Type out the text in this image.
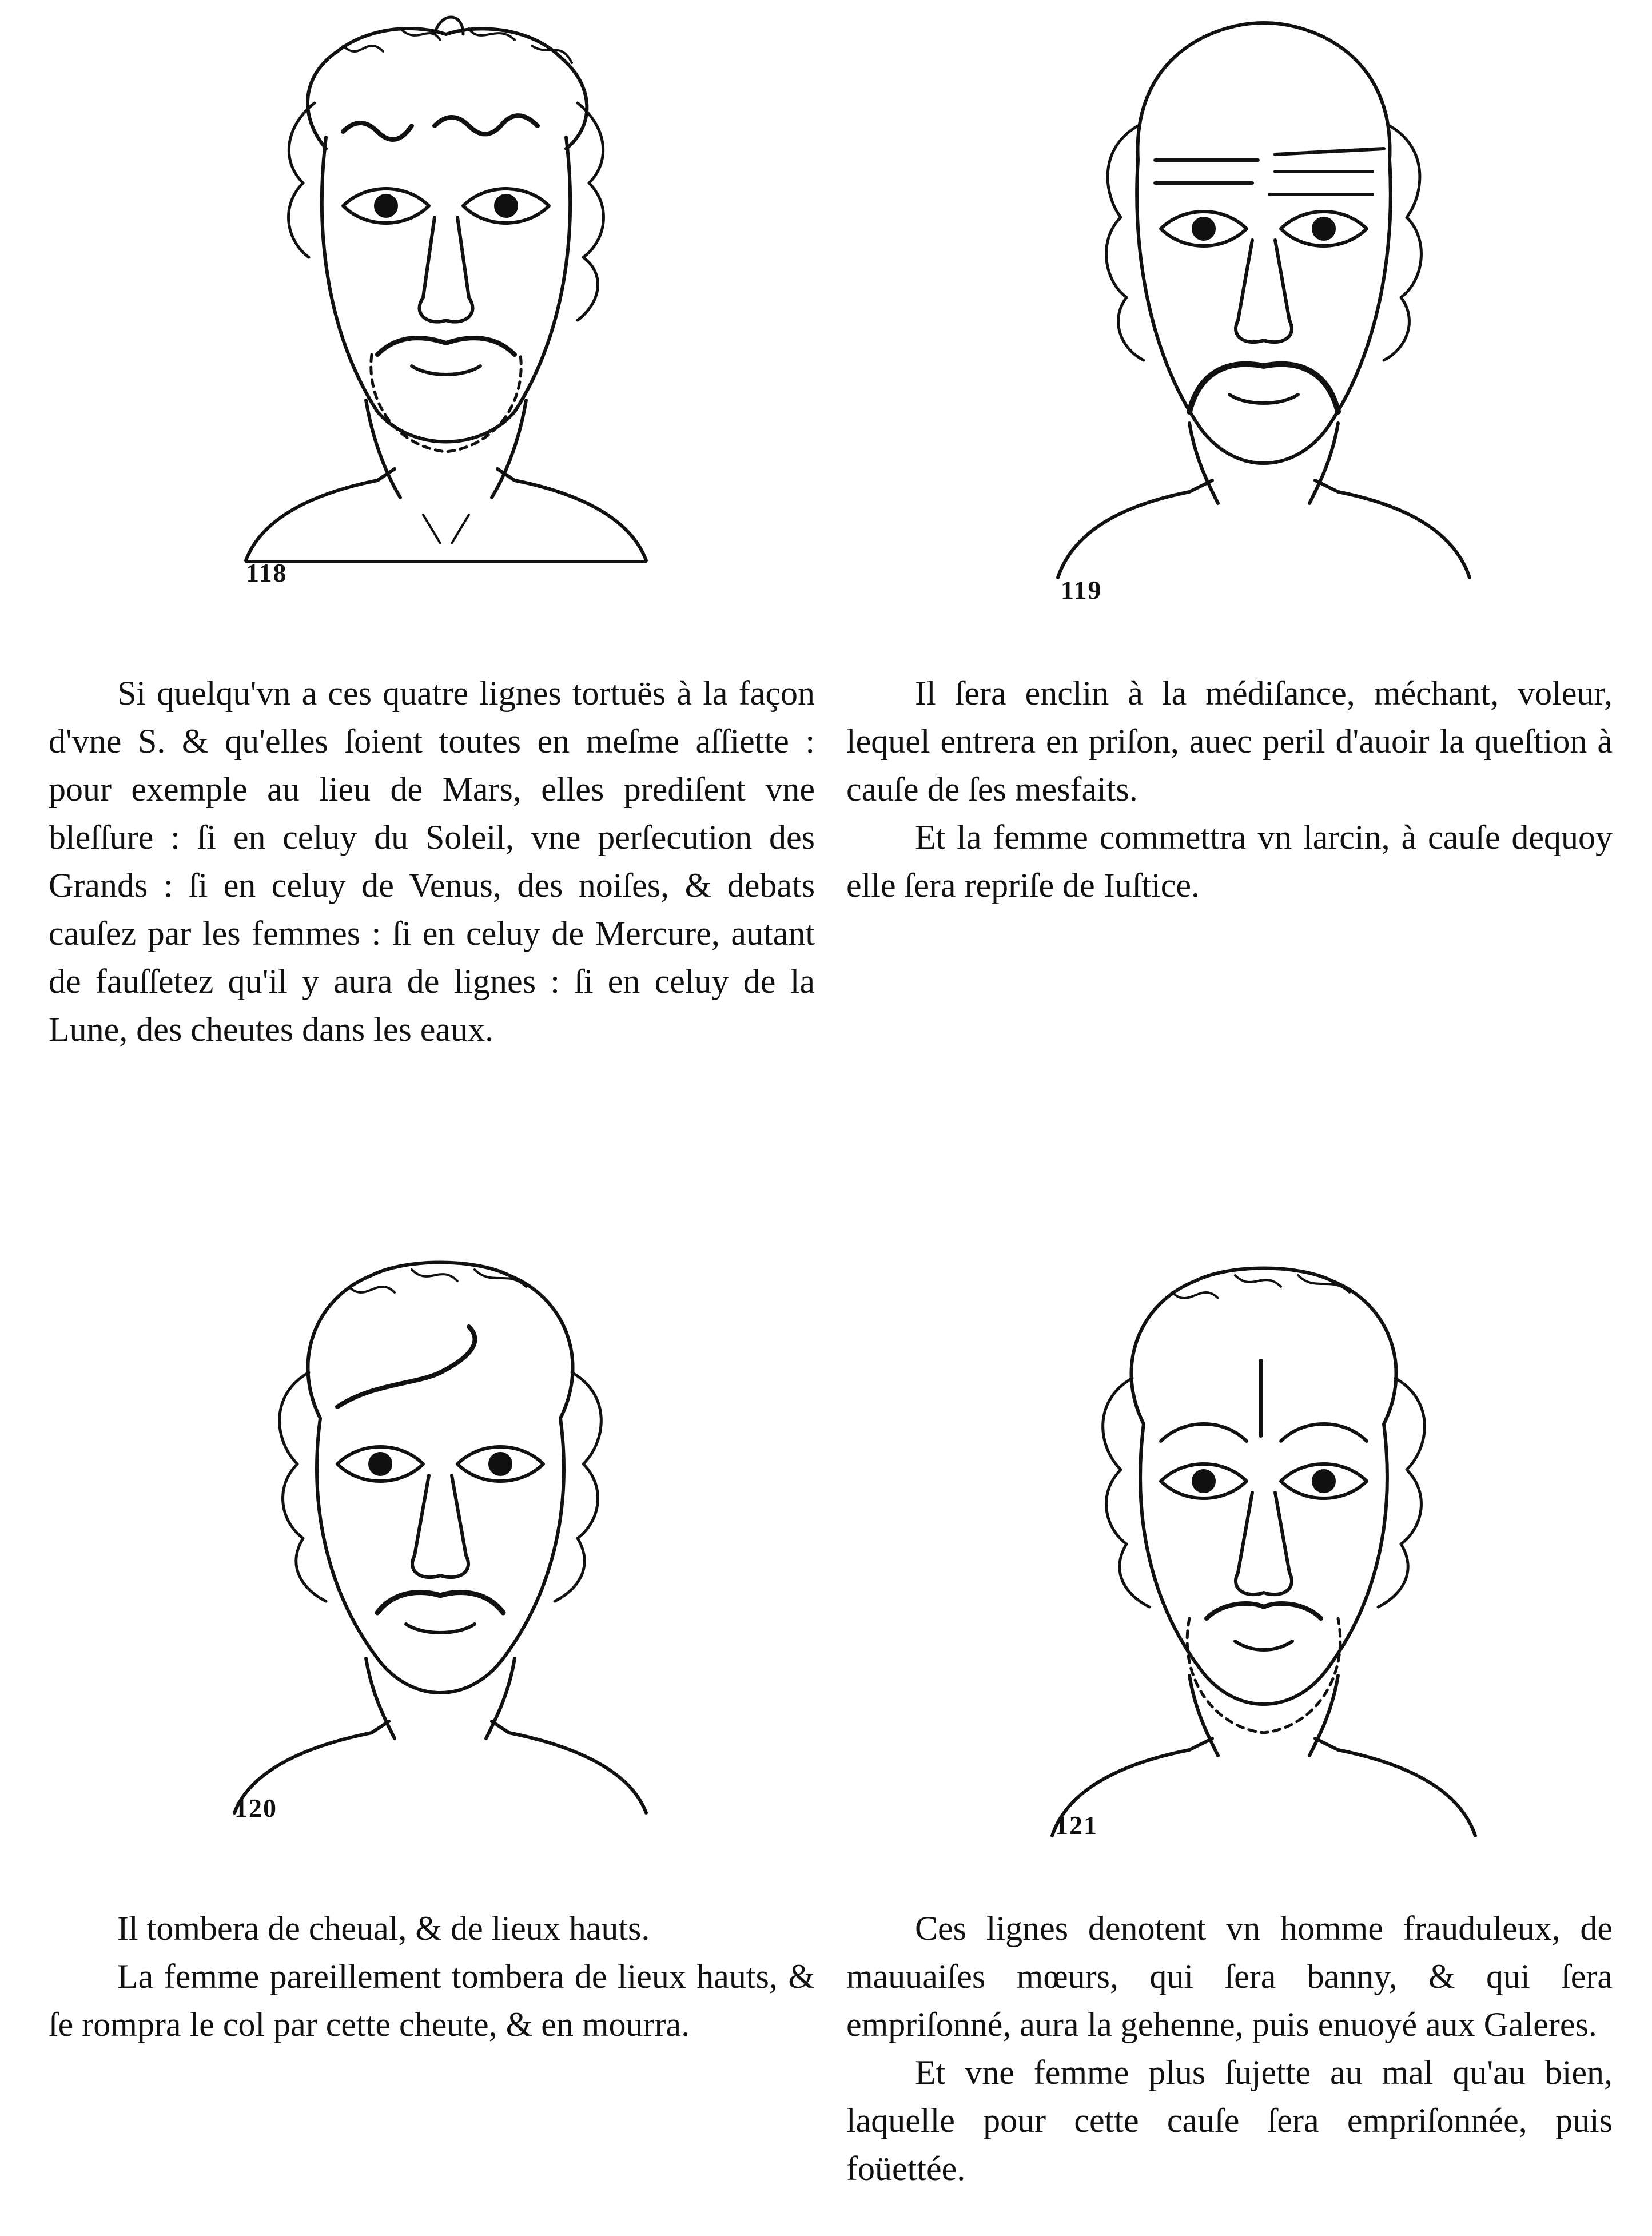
118
119

Si quelqu'vn a ces quatre lignes tortuës à la façon d'vne S. & qu'elles ſoient toutes en meſme aſſiette : pour exemple au lieu de Mars, elles prediſent vne bleſſure : ſi en celuy du Soleil, vne perſecution des Grands : ſi en celuy de Venus, des noiſes, & debats cauſez par les femmes : ſi en celuy de Mercure, autant de fauſſetez qu'il y aura de lignes : ſi en celuy de la Lune, des cheutes dans les eaux.

Il ſera enclin à la médiſance, méchant, voleur, lequel entrera en priſon, auec peril d'auoir la queſtion à cauſe de ſes mesfaits.

Et la femme commettra vn larcin, à cauſe dequoy elle ſera repriſe de Iuſtice.

120
121

Il tombera de cheual, & de lieux hauts.

La femme pareillement tombera de lieux hauts, & ſe rompra le col par cette cheute, & en mourra.

Ces lignes denotent vn homme frauduleux, de mauuaiſes mœurs, qui ſera banny, & qui ſera empriſonné, aura la gehenne, puis enuoyé aux Galeres.

Et vne femme plus ſujette au mal qu'au bien, laquelle pour cette cauſe ſera empriſonnée, puis foüettée.
